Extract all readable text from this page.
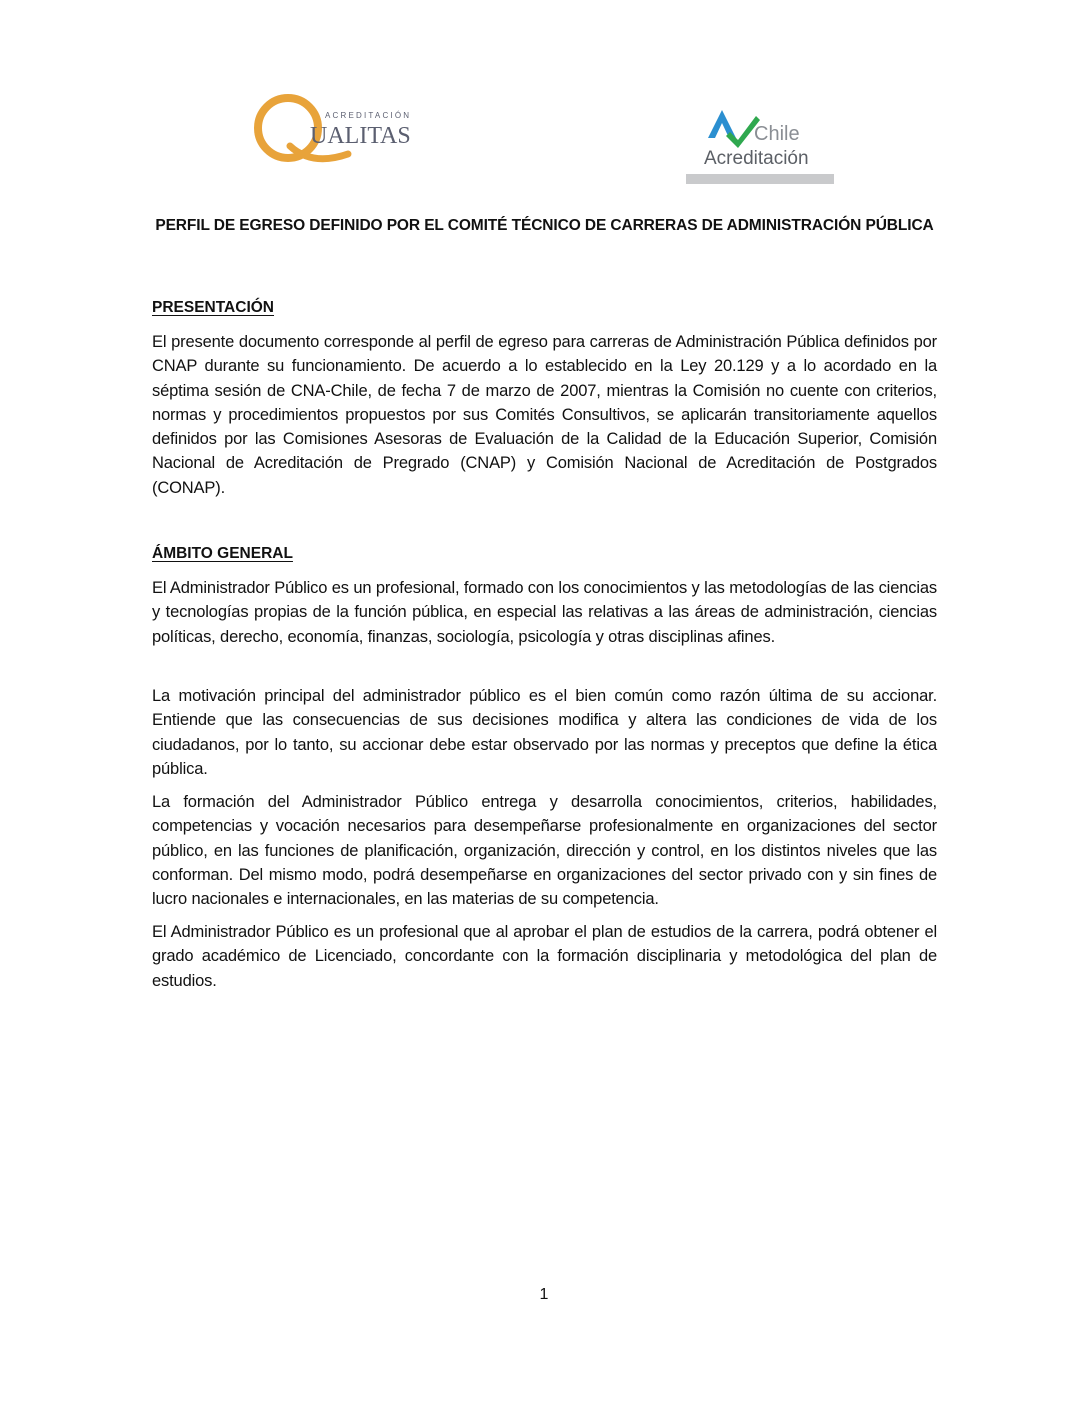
ACREDITACIÓN
UALITAS	Chile
Acreditación
PERFIL DE EGRESO DEFINIDO POR EL COMITÉ TÉCNICO DE CARRERAS DE ADMINISTRACIÓN PÚBLICA
PRESENTACIÓN
El presente documento corresponde al perfil de egreso para carreras de Administración Pública definidos por CNAP durante su funcionamiento. De acuerdo a lo establecido en la Ley 20.129 y a lo acordado en la séptima sesión de CNA-Chile, de fecha 7 de marzo de 2007, mientras la Comisión no cuente con criterios, normas y procedimientos propuestos por sus Comités Consultivos, se aplicarán transitoriamente aquellos definidos por las Comisiones Asesoras de Evaluación de la Calidad de la Educación Superior, Comisión Nacional de Acreditación de Pregrado (CNAP) y Comisión Nacional de Acreditación de Postgrados (CONAP).
ÁMBITO GENERAL
El Administrador Público es un profesional, formado con los conocimientos y las metodologías de las ciencias y tecnologías propias de la función pública, en especial las relativas a las áreas de administración, ciencias políticas, derecho, economía, finanzas, sociología, psicología y otras disciplinas afines.
La motivación principal del administrador público es el bien común como razón última de su accionar. Entiende que las consecuencias de sus decisiones modifica y altera las condiciones de vida de los ciudadanos, por lo tanto, su accionar debe estar observado por las normas y preceptos que define la ética pública.
La formación del Administrador Público entrega y desarrolla conocimientos, criterios, habilidades, competencias y vocación necesarios para desempeñarse profesionalmente en organizaciones del sector público, en las funciones de planificación, organización, dirección y control, en los distintos niveles que las conforman. Del mismo modo, podrá desempeñarse en organizaciones del sector privado con y sin fines de lucro nacionales e internacionales, en las materias de su competencia.
El Administrador Público es un profesional que al aprobar el plan de estudios de la carrera, podrá obtener el grado académico de Licenciado, concordante con la formación disciplinaria y metodológica del plan de estudios.
1
